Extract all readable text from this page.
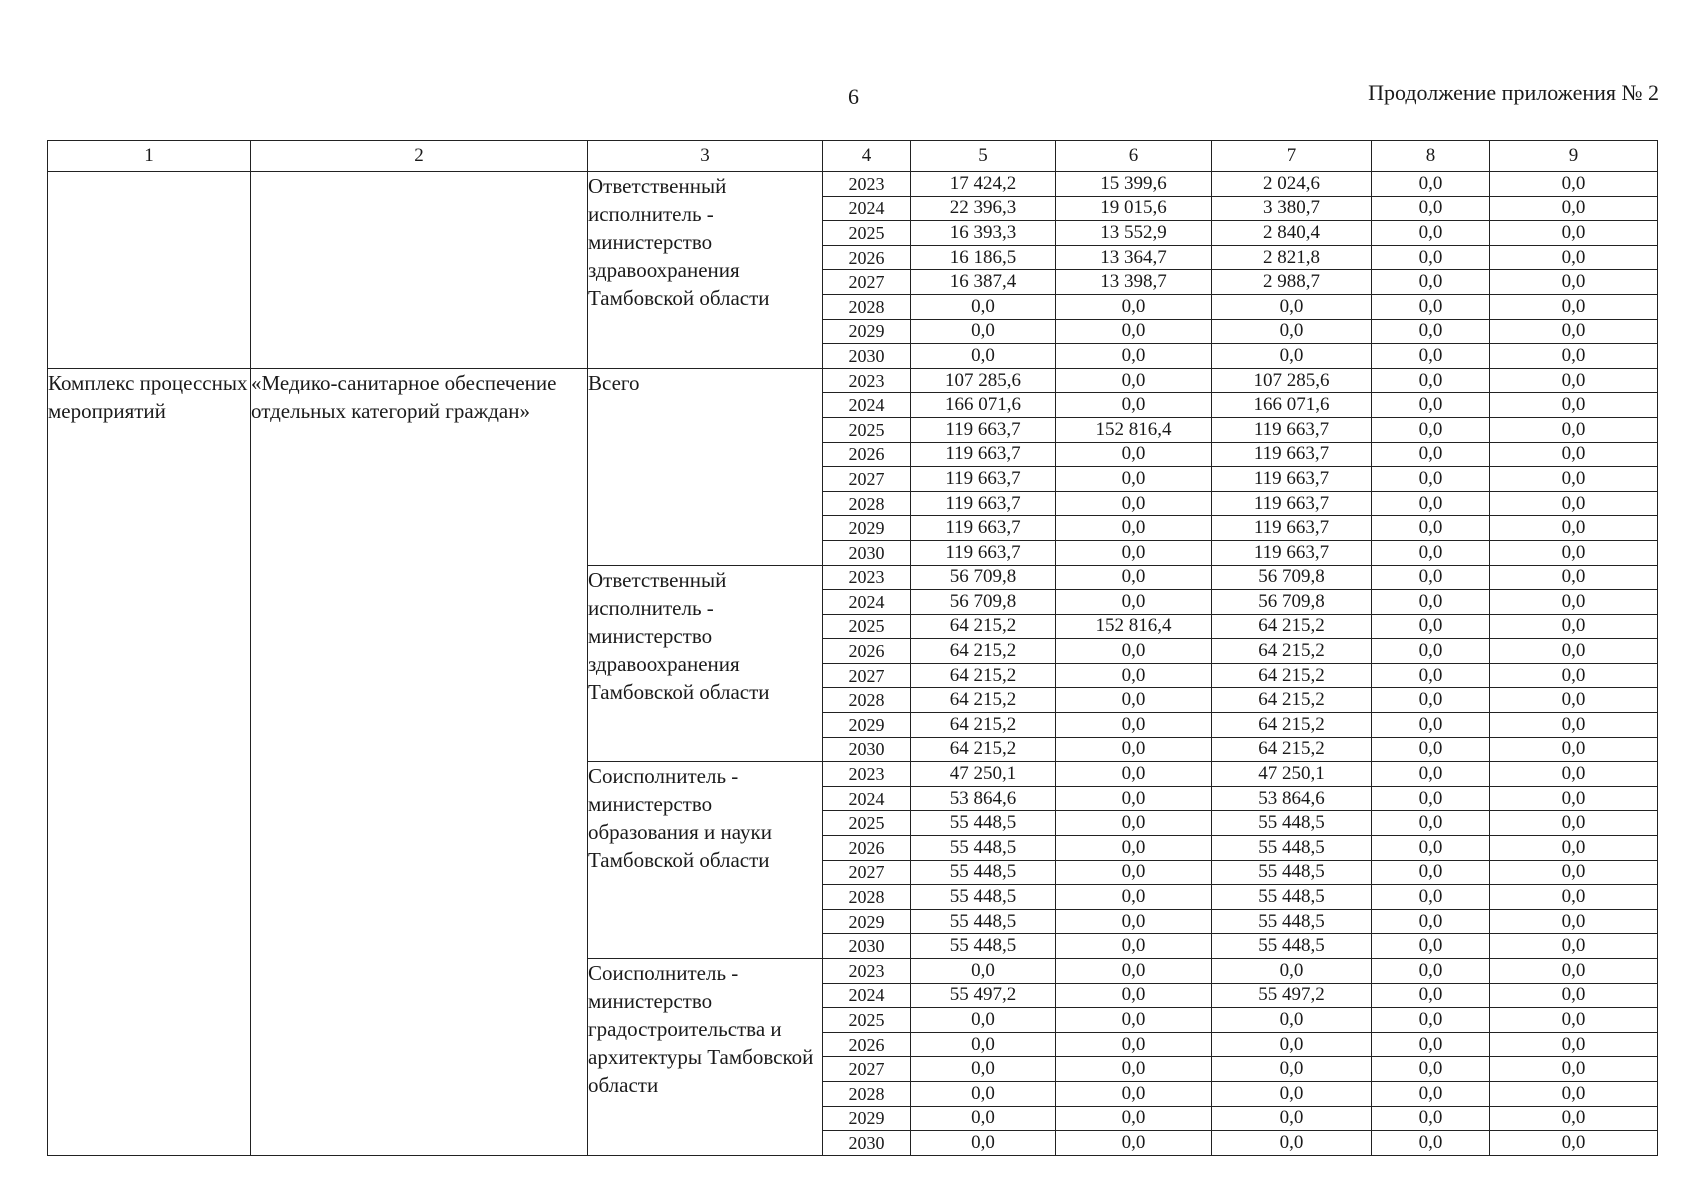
6	Продолжение приложения № 2
1	2	3	4	5	6	7	8	9
		Ответственный исполнитель - министерство здравоохранения Тамбовской области	2023	17 424,2	15 399,6	2 024,6	0,0	0,0
			2024	22 396,3	19 015,6	3 380,7	0,0	0,0
			2025	16 393,3	13 552,9	2 840,4	0,0	0,0
			2026	16 186,5	13 364,7	2 821,8	0,0	0,0
			2027	16 387,4	13 398,7	2 988,7	0,0	0,0
			2028	0,0	0,0	0,0	0,0	0,0
			2029	0,0	0,0	0,0	0,0	0,0
			2030	0,0	0,0	0,0	0,0	0,0
Комплекс процессных мероприятий	«Медико-санитарное обеспечение отдельных категорий граждан»	Всего	2023	107 285,6	0,0	107 285,6	0,0	0,0
			2024	166 071,6	0,0	166 071,6	0,0	0,0
			2025	119 663,7	152 816,4	119 663,7	0,0	0,0
			2026	119 663,7	0,0	119 663,7	0,0	0,0
			2027	119 663,7	0,0	119 663,7	0,0	0,0
			2028	119 663,7	0,0	119 663,7	0,0	0,0
			2029	119 663,7	0,0	119 663,7	0,0	0,0
			2030	119 663,7	0,0	119 663,7	0,0	0,0
		Ответственный исполнитель - министерство здравоохранения Тамбовской области	2023	56 709,8	0,0	56 709,8	0,0	0,0
			2024	56 709,8	0,0	56 709,8	0,0	0,0
			2025	64 215,2	152 816,4	64 215,2	0,0	0,0
			2026	64 215,2	0,0	64 215,2	0,0	0,0
			2027	64 215,2	0,0	64 215,2	0,0	0,0
			2028	64 215,2	0,0	64 215,2	0,0	0,0
			2029	64 215,2	0,0	64 215,2	0,0	0,0
			2030	64 215,2	0,0	64 215,2	0,0	0,0
		Соисполнитель - министерство образования и науки Тамбовской области	2023	47 250,1	0,0	47 250,1	0,0	0,0
			2024	53 864,6	0,0	53 864,6	0,0	0,0
			2025	55 448,5	0,0	55 448,5	0,0	0,0
			2026	55 448,5	0,0	55 448,5	0,0	0,0
			2027	55 448,5	0,0	55 448,5	0,0	0,0
			2028	55 448,5	0,0	55 448,5	0,0	0,0
			2029	55 448,5	0,0	55 448,5	0,0	0,0
			2030	55 448,5	0,0	55 448,5	0,0	0,0
		Соисполнитель - министерство градостроительства и архитектуры Тамбовской области	2023	0,0	0,0	0,0	0,0	0,0
			2024	55 497,2	0,0	55 497,2	0,0	0,0
			2025	0,0	0,0	0,0	0,0	0,0
			2026	0,0	0,0	0,0	0,0	0,0
			2027	0,0	0,0	0,0	0,0	0,0
			2028	0,0	0,0	0,0	0,0	0,0
			2029	0,0	0,0	0,0	0,0	0,0
			2030	0,0	0,0	0,0	0,0	0,0
